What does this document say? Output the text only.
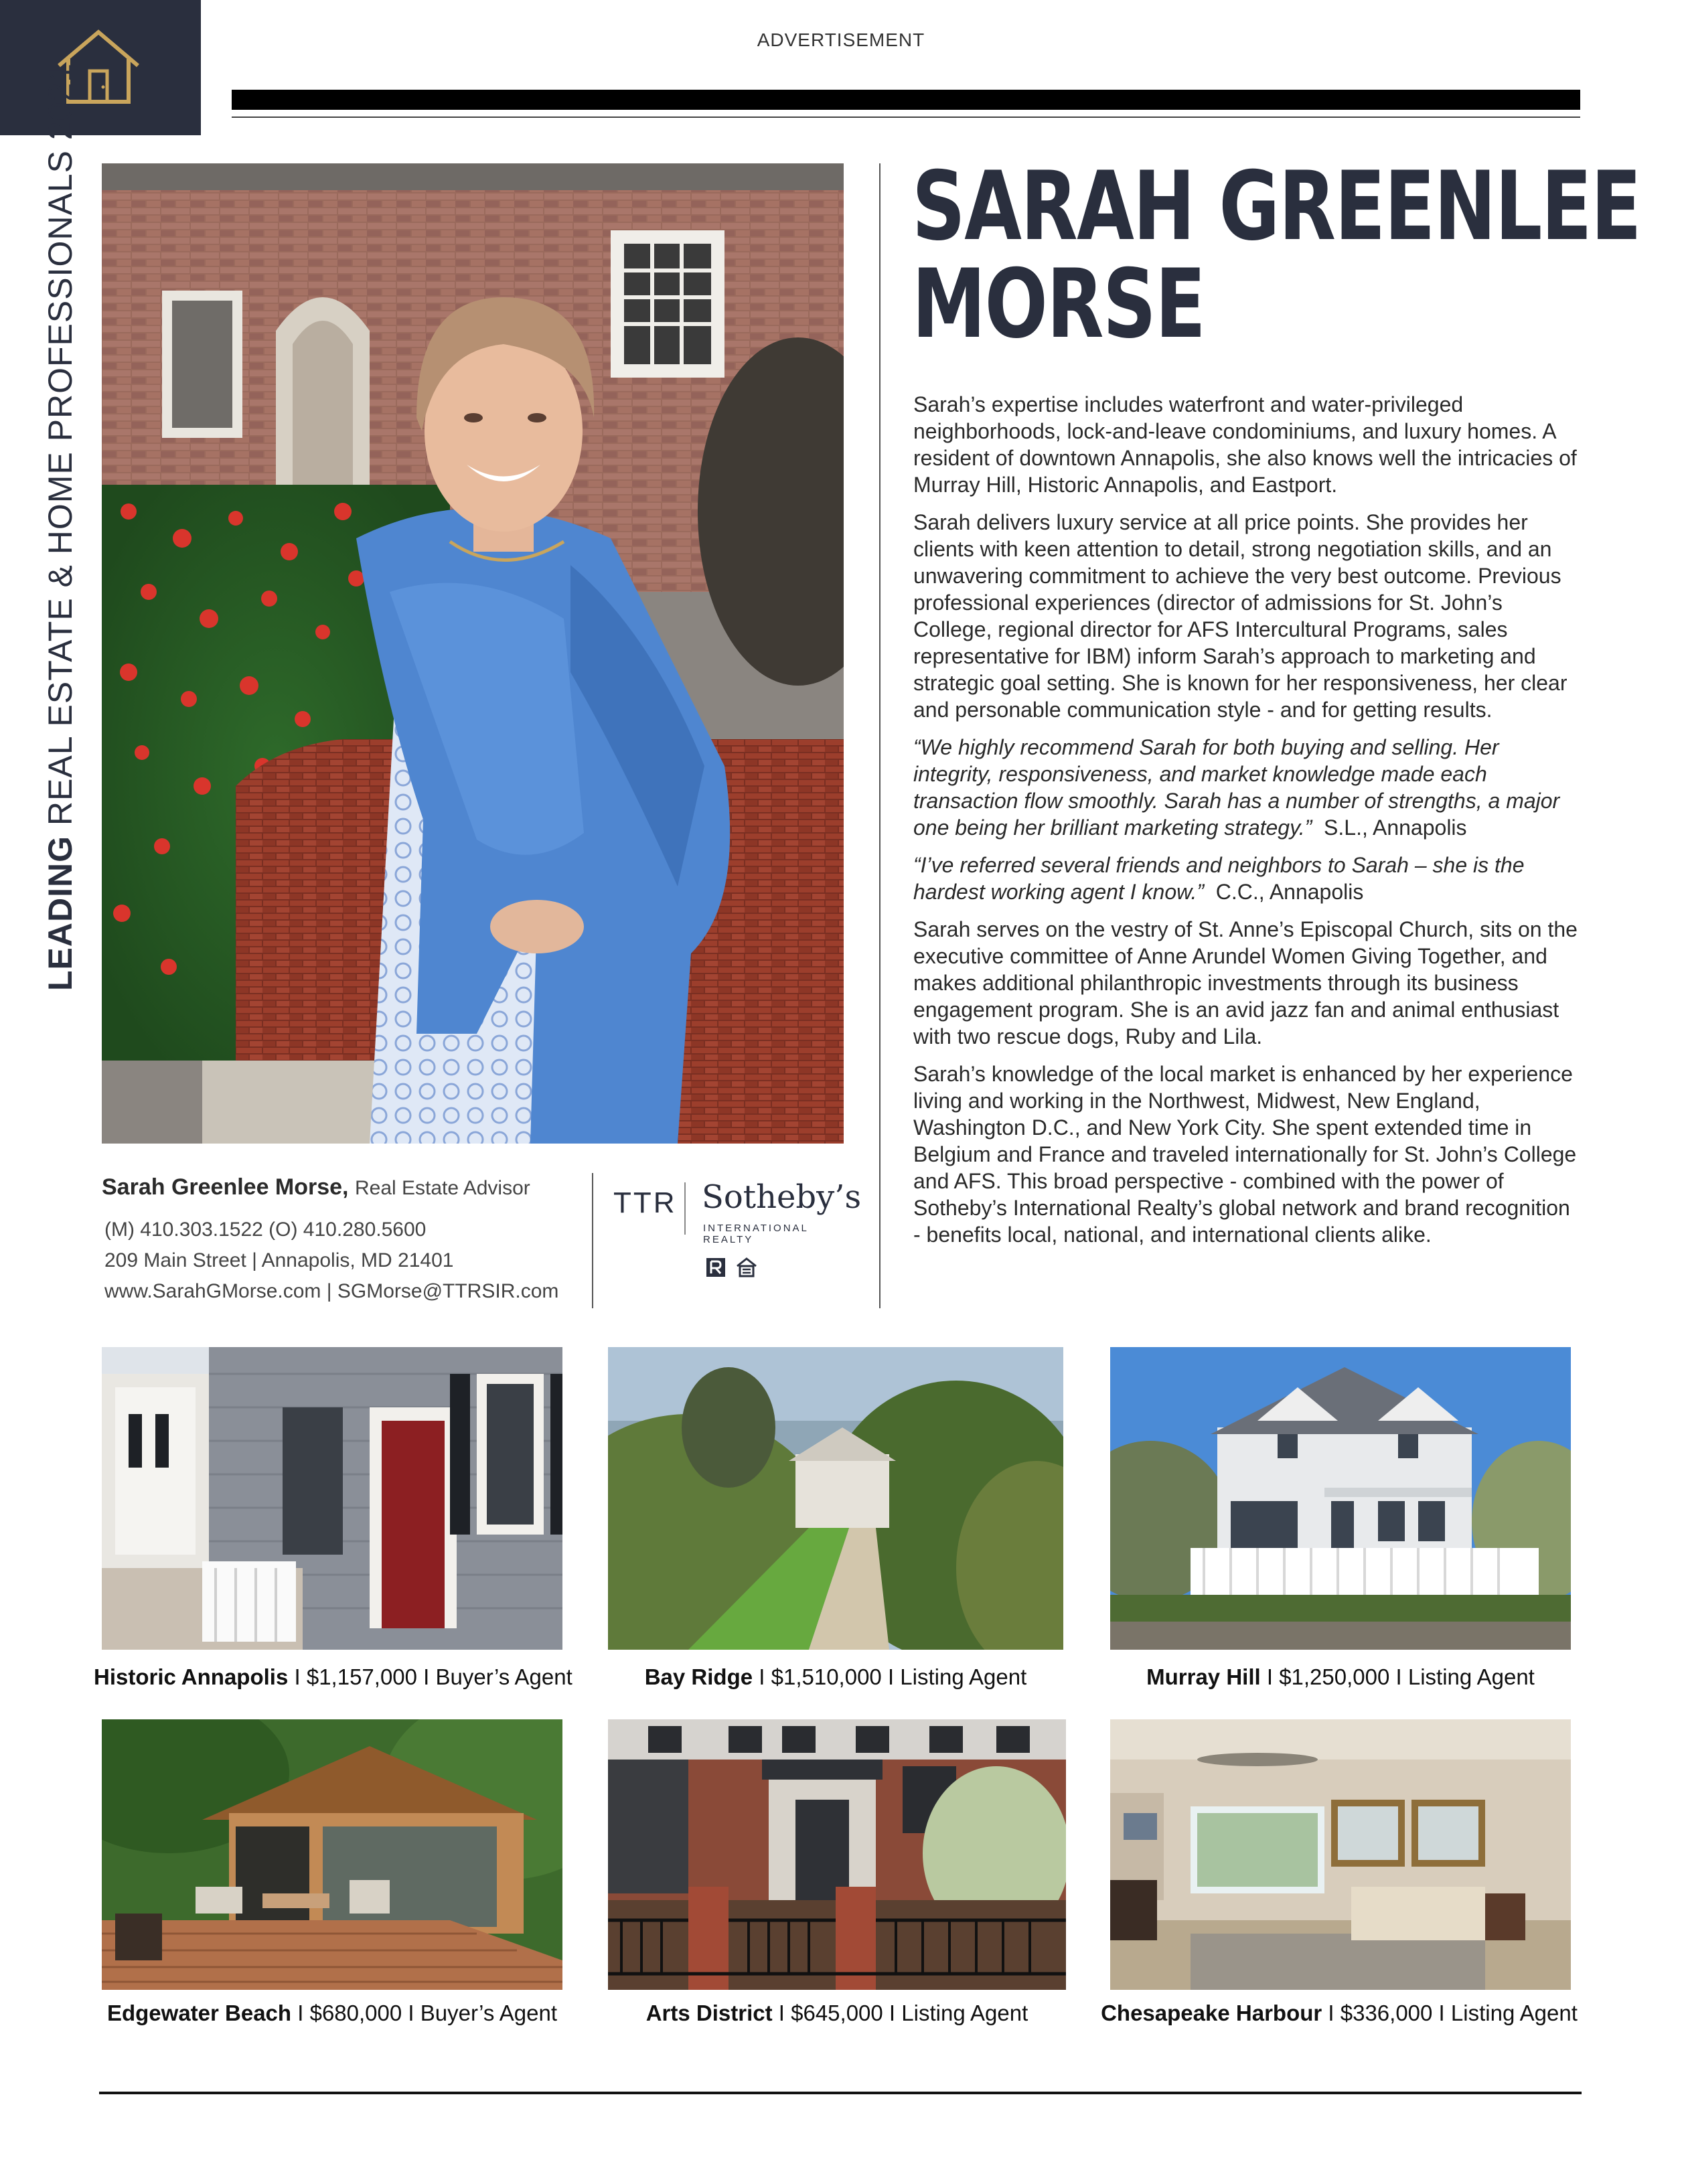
ADVERTISEMENT
LEADING REAL ESTATE & HOME PROFESSIONALS 2021	SARAH GREENLEE
MORSE

Sarah’s expertise includes waterfront and water-privileged neighborhoods, lock-and-leave condominiums, and luxury homes. A resident of downtown Annapolis, she also knows well the intricacies of Murray Hill, Historic Annapolis, and Eastport.

Sarah delivers luxury service at all price points. She provides her clients with keen attention to detail, strong negotiation skills, and an unwavering commitment to achieve the very best outcome. Previous professional experiences (director of admissions for St. John’s College, regional director for AFS Intercultural Programs, sales representative for IBM) inform Sarah’s approach to marketing and strategic goal setting. She is known for her responsiveness, her clear and personable communication style - and for getting results.

“We highly recommend Sarah for both buying and selling. Her integrity, responsiveness, and market knowledge made each transaction flow smoothly. Sarah has a number of strengths, a major one being her brilliant marketing strategy.” S.L., Annapolis

“I’ve referred several friends and neighbors to Sarah – she is the hardest working agent I know.” C.C., Annapolis

Sarah serves on the vestry of St. Anne’s Episcopal Church, sits on the executive committee of Anne Arundel Women Giving Together, and makes additional philanthropic investments through its business engagement program. She is an avid jazz fan and animal enthusiast with two rescue dogs, Ruby and Lila.

Sarah’s knowledge of the local market is enhanced by her experience living and working in the Northwest, Midwest, New England, Washington D.C., and New York City. She spent extended time in Belgium and France and traveled internationally for St. John’s College and AFS. This broad perspective - combined with the power of Sotheby’s International Realty’s global network and brand recognition - benefits local, national, and international clients alike.

Sarah Greenlee Morse, Real Estate Advisor
(M) 410.303.1522 (O) 410.280.5600
209 Main Street | Annapolis, MD 21401
www.SarahGMorse.com | SGMorse@TTRSIR.com
TTR Sotheby’s
INTERNATIONAL REALTY
Historic Annapolis I $1,157,000 I Buyer’s Agent	Bay Ridge I $1,510,000 I Listing Agent	Murray Hill I $1,250,000 I Listing Agent
Edgewater Beach I $680,000 I Buyer’s Agent	Arts District I $645,000 I Listing Agent	Chesapeake Harbour I $336,000 I Listing Agent
